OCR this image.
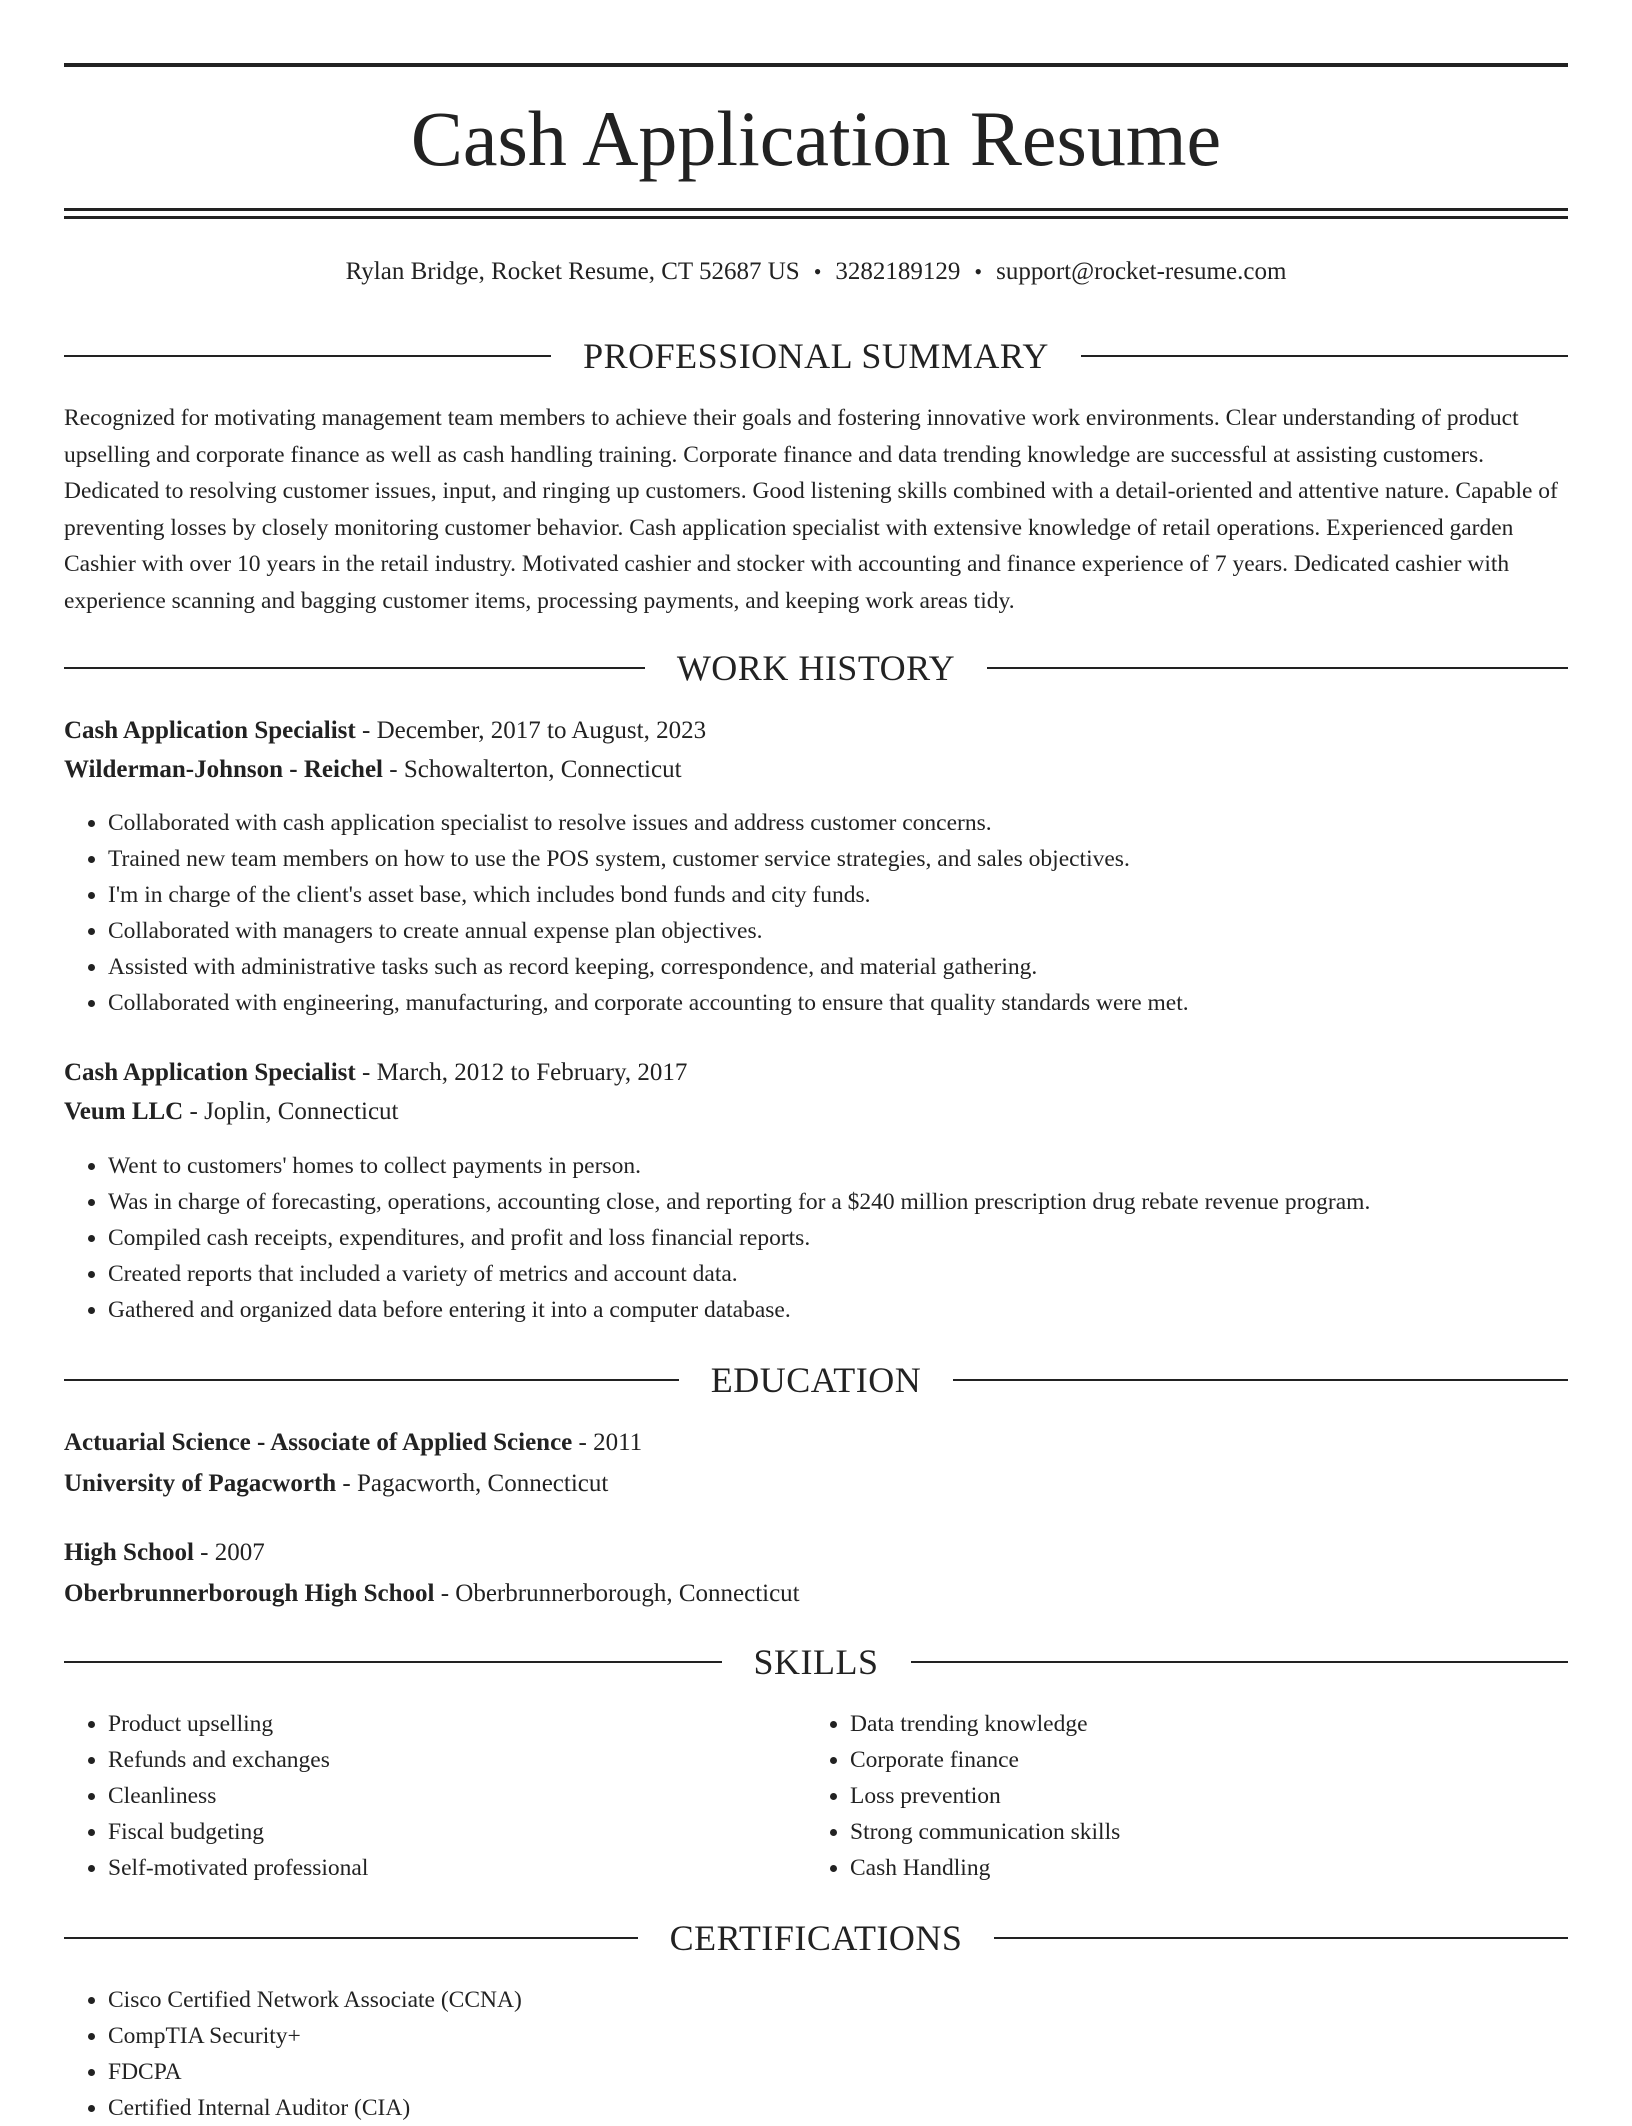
Cash Application Resume
Rylan Bridge, Rocket Resume, CT 52687 US • 3282189129 • support@rocket-resume.com
PROFESSIONAL SUMMARY

Recognized for motivating management team members to achieve their goals and fostering innovative work environments. Clear understanding of product upselling and corporate finance as well as cash handling training. Corporate finance and data trending knowledge are successful at assisting customers. Dedicated to resolving customer issues, input, and ringing up customers. Good listening skills combined with a detail-oriented and attentive nature. Capable of preventing losses by closely monitoring customer behavior. Cash application specialist with extensive knowledge of retail operations. Experienced garden Cashier with over 10 years in the retail industry. Motivated cashier and stocker with accounting and finance experience of 7 years. Dedicated cashier with experience scanning and bagging customer items, processing payments, and keeping work areas tidy.

WORK HISTORY
Cash Application Specialist - December, 2017 to August, 2023
Wilderman-Johnson - Reichel - Schowalterton, Connecticut
• Collaborated with cash application specialist to resolve issues and address customer concerns.
• Trained new team members on how to use the POS system, customer service strategies, and sales objectives.
• I'm in charge of the client's asset base, which includes bond funds and city funds.
• Collaborated with managers to create annual expense plan objectives.
• Assisted with administrative tasks such as record keeping, correspondence, and material gathering.
• Collaborated with engineering, manufacturing, and corporate accounting to ensure that quality standards were met.
Cash Application Specialist - March, 2012 to February, 2017
Veum LLC - Joplin, Connecticut
• Went to customers' homes to collect payments in person.
• Was in charge of forecasting, operations, accounting close, and reporting for a $240 million prescription drug rebate revenue program.
• Compiled cash receipts, expenditures, and profit and loss financial reports.
• Created reports that included a variety of metrics and account data.
• Gathered and organized data before entering it into a computer database.
EDUCATION
Actuarial Science - Associate of Applied Science - 2011
University of Pagacworth - Pagacworth, Connecticut
High School - 2007
Oberbrunnerborough High School - Oberbrunnerborough, Connecticut
SKILLS
• Product upselling
• Refunds and exchanges
• Cleanliness
• Fiscal budgeting
• Self-motivated professional
• Data trending knowledge
• Corporate finance
• Loss prevention
• Strong communication skills
• Cash Handling
CERTIFICATIONS
• Cisco Certified Network Associate (CCNA)
• CompTIA Security+
• FDCPA
• Certified Internal Auditor (CIA)
